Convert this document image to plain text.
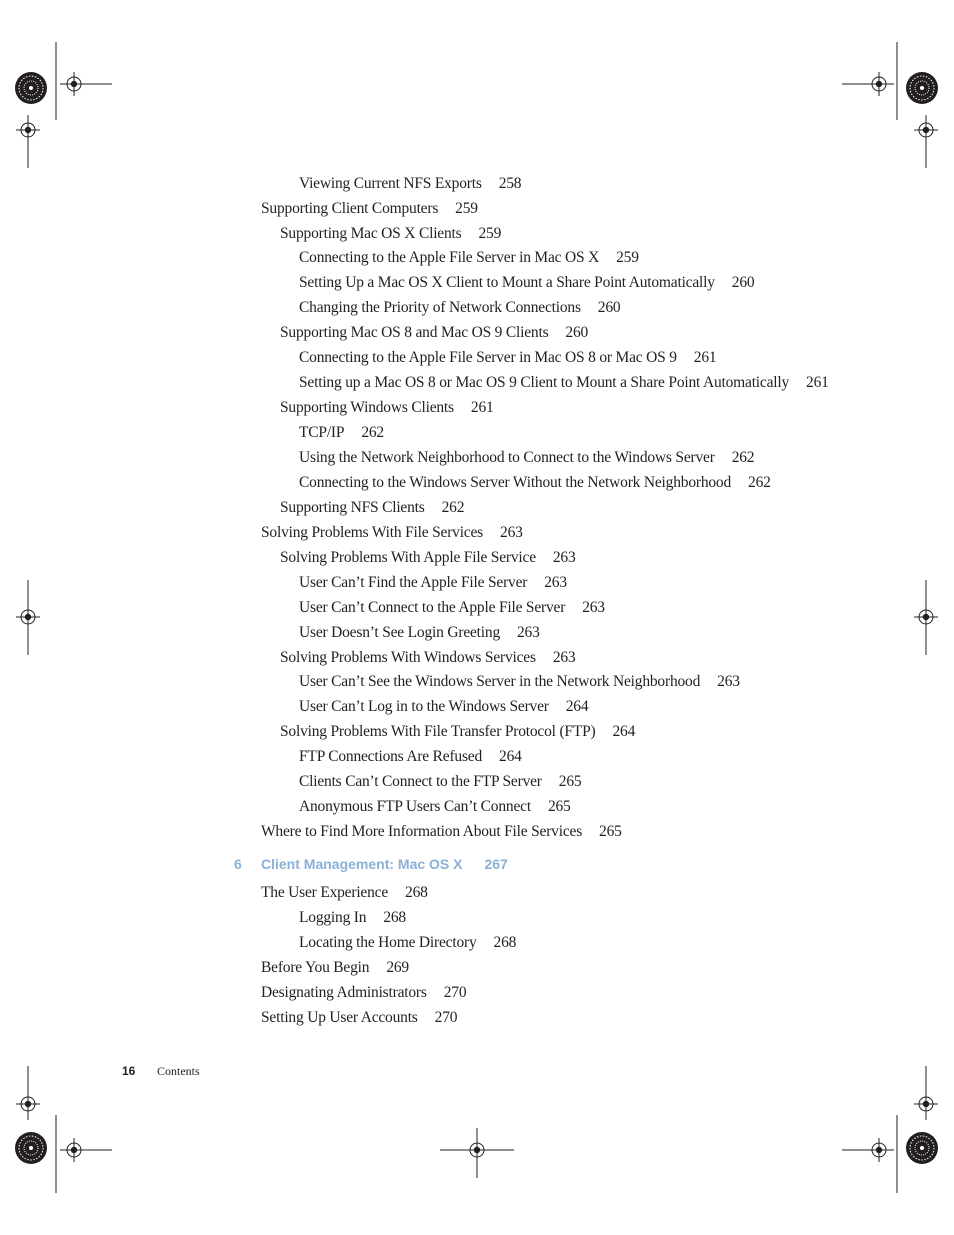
Viewing Current NFS Exports 258
Supporting Client Computers 259
Supporting Mac OS X Clients 259
Connecting to the Apple File Server in Mac OS X 259
Setting Up a Mac OS X Client to Mount a Share Point Automatically 260
Changing the Priority of Network Connections 260
Supporting Mac OS 8 and Mac OS 9 Clients 260
Connecting to the Apple File Server in Mac OS 8 or Mac OS 9 261
Setting up a Mac OS 8 or Mac OS 9 Client to Mount a Share Point Automatically 261
Supporting Windows Clients 261
TCP/IP 262
Using the Network Neighborhood to Connect to the Windows Server 262
Connecting to the Windows Server Without the Network Neighborhood 262
Supporting NFS Clients 262
Solving Problems With File Services 263
Solving Problems With Apple File Service 263
User Can’t Find the Apple File Server 263
User Can’t Connect to the Apple File Server 263
User Doesn’t See Login Greeting 263
Solving Problems With Windows Services 263
User Can’t See the Windows Server in the Network Neighborhood 263
User Can’t Log in to the Windows Server 264
Solving Problems With File Transfer Protocol (FTP) 264
FTP Connections Are Refused 264
Clients Can’t Connect to the FTP Server 265
Anonymous FTP Users Can’t Connect 265
Where to Find More Information About File Services 265
6 Client Management: Mac OS X 267
The User Experience 268
Logging In 268
Locating the Home Directory 268
Before You Begin 269
Designating Administrators 270
Setting Up User Accounts 270
16 Contents
